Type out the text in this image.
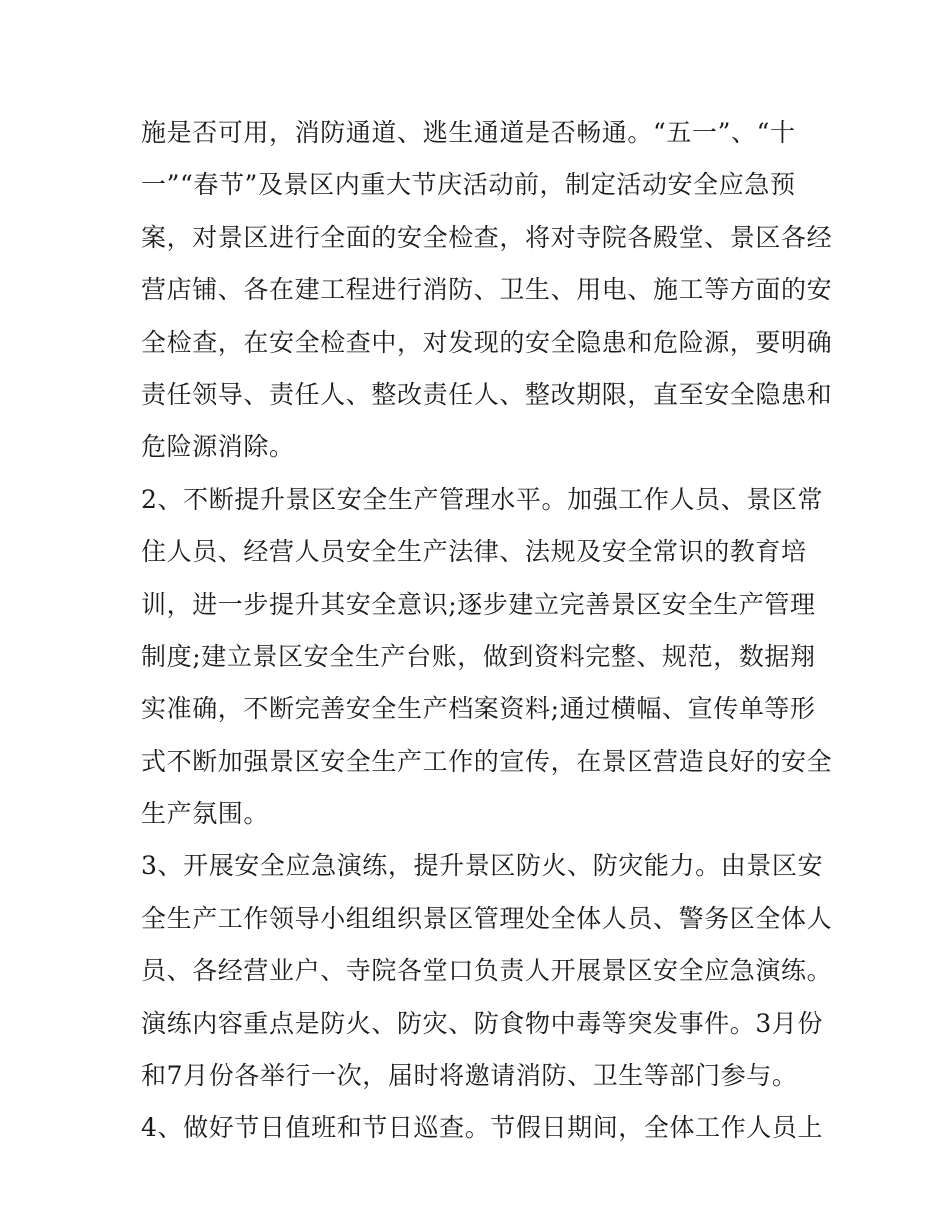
施是否可用，消防通道、逃生通道是否畅通。“五一”、“十
一”“春节”及景区内重大节庆活动前，制定活动安全应急预
案，对景区进行全面的安全检查，将对寺院各殿堂、景区各经
营店铺、各在建工程进行消防、卫生、用电、施工等方面的安
全检查，在安全检查中，对发现的安全隐患和危险源，要明确
责任领导、责任人、整改责任人、整改期限，直至安全隐患和
危险源消除。
2、不断提升景区安全生产管理水平。加强工作人员、景区常
住人员、经营人员安全生产法律、法规及安全常识的教育培
训，进一步提升其安全意识;逐步建立完善景区安全生产管理
制度;建立景区安全生产台账，做到资料完整、规范，数据翔
实准确，不断完善安全生产档案资料;通过横幅、宣传单等形
式不断加强景区安全生产工作的宣传，在景区营造良好的安全
生产氛围。
3、开展安全应急演练，提升景区防火、防灾能力。由景区安
全生产工作领导小组组织景区管理处全体人员、警务区全体人
员、各经营业户、寺院各堂口负责人开展景区安全应急演练。
演练内容重点是防火、防灾、防食物中毒等突发事件。3月份
和7月份各举行一次，届时将邀请消防、卫生等部门参与。
4、做好节日值班和节日巡查。节假日期间，全体工作人员上
